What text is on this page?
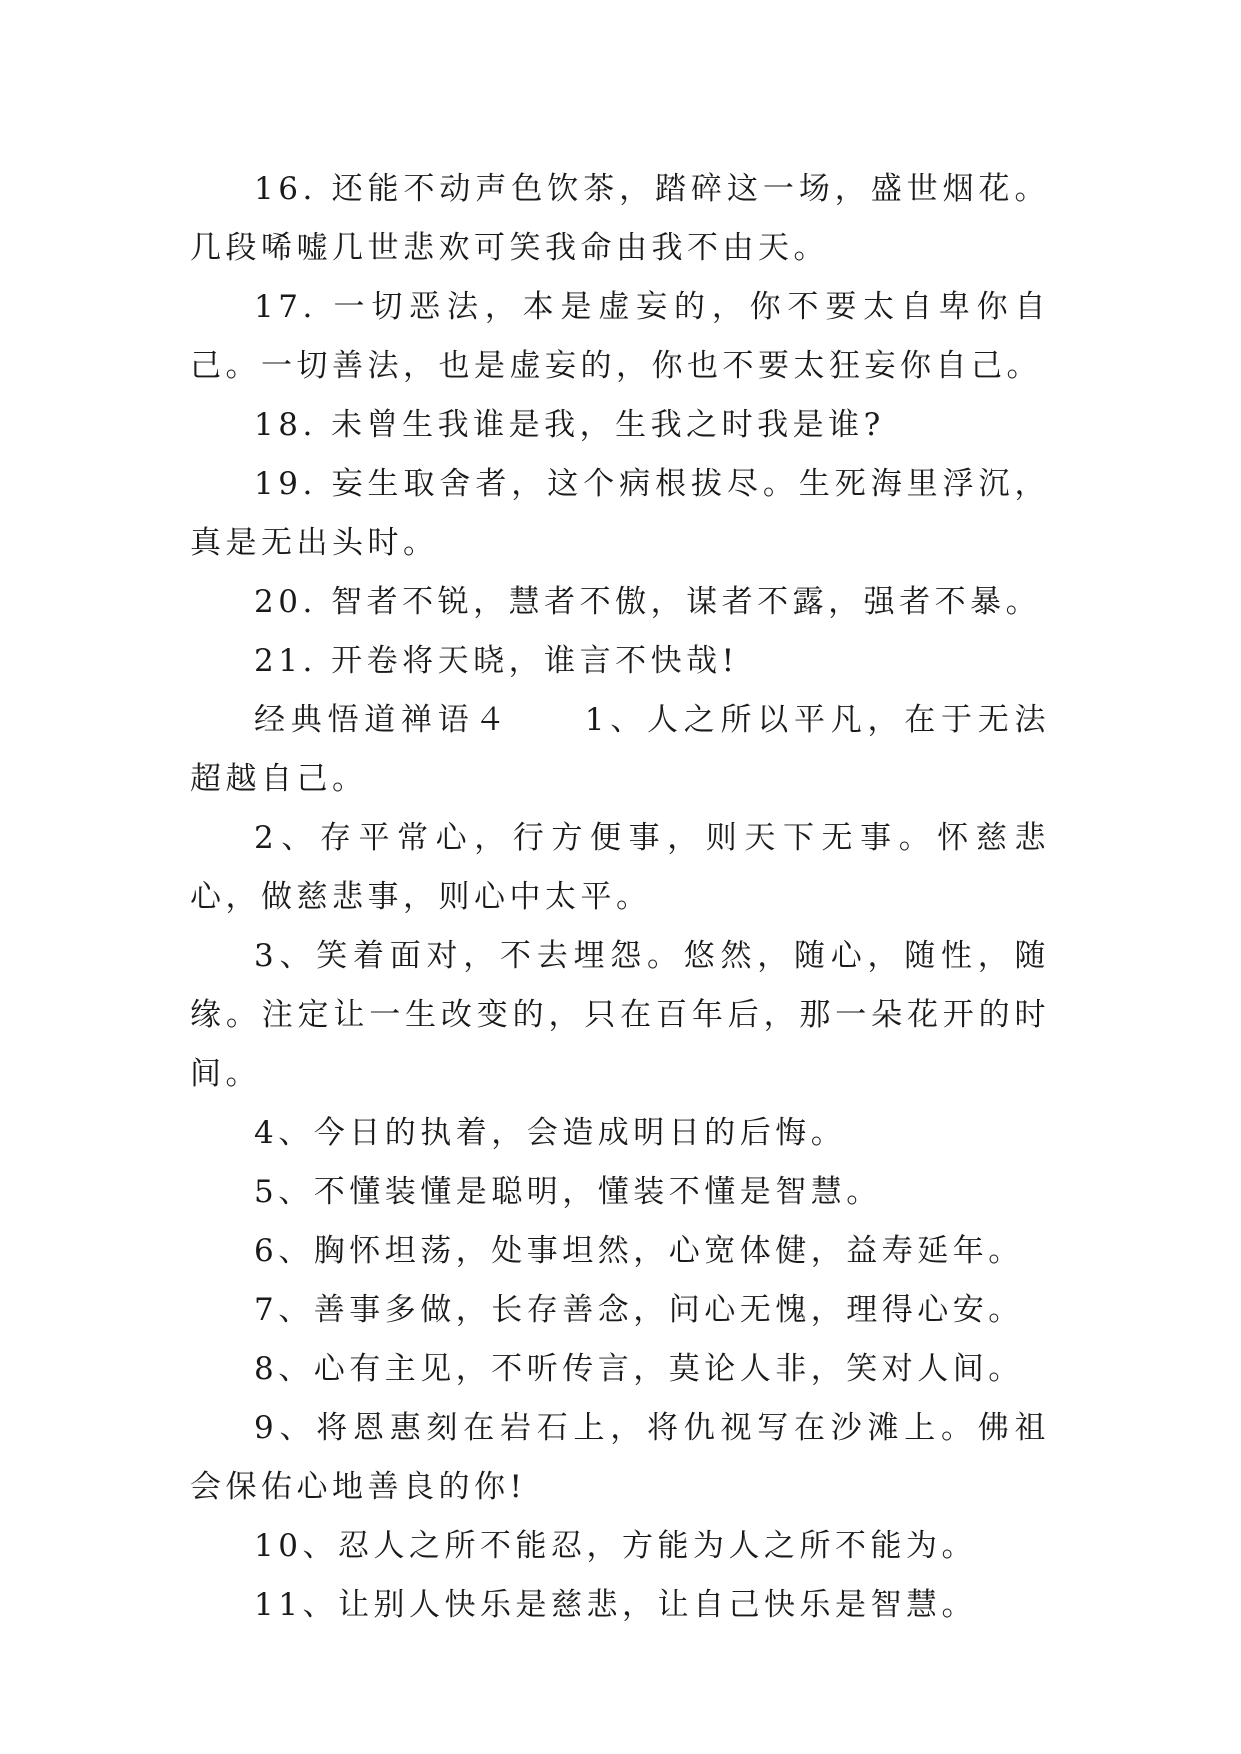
16. 还能不动声色饮茶，踏碎这一场，盛世烟花。几段唏嘘几世悲欢可笑我命由我不由天。

17. 一切恶法，本是虚妄的，你不要太自卑你自己。一切善法，也是虚妄的，你也不要太狂妄你自己。

18. 未曾生我谁是我，生我之时我是谁?

19. 妄生取舍者，这个病根拔尽。生死海里浮沉，真是无出头时。

20. 智者不锐，慧者不傲，谋者不露，强者不暴。

21. 开卷将天晓，谁言不快哉!

经典悟道禅语４　　1、人之所以平凡，在于无法超越自己。

2、存平常心，行方便事，则天下无事。怀慈悲心，做慈悲事，则心中太平。

3、笑着面对，不去埋怨。悠然，随心，随性，随缘。注定让一生改变的，只在百年后，那一朵花开的时间。

4、今日的执着，会造成明日的后悔。

5、不懂装懂是聪明，懂装不懂是智慧。

6、胸怀坦荡，处事坦然，心宽体健，益寿延年。

7、善事多做，长存善念，问心无愧，理得心安。

8、心有主见，不听传言，莫论人非，笑对人间。

9、将恩惠刻在岩石上，将仇视写在沙滩上。佛祖会保佑心地善良的你!

10、忍人之所不能忍，方能为人之所不能为。

11、让别人快乐是慈悲，让自己快乐是智慧。
